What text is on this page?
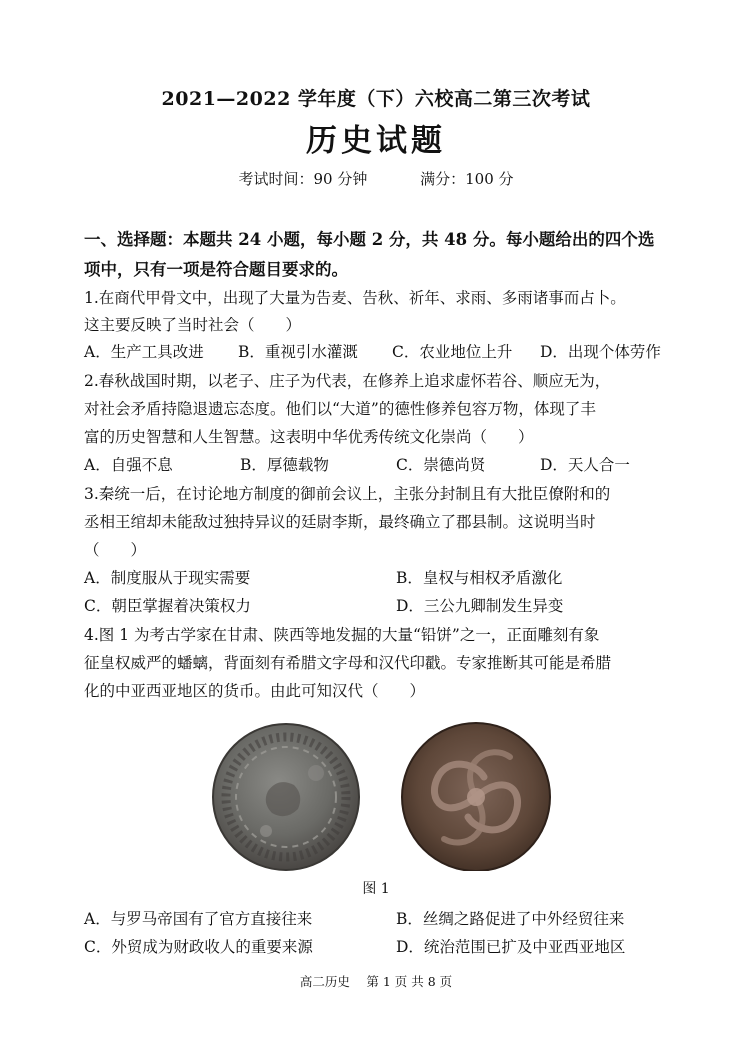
2021—2022 学年度（下）六校高二第三次考试
历史试题
考试时间：90 分钟	满分：100 分
一、选择题：本题共 24 小题，每小题 2 分，共 48 分。每小题给出的四个选
项中，只有一项是符合题目要求的。
1.在商代甲骨文中，出现了大量为告麦、告秋、祈年、求雨、多雨诸事而占卜。
这主要反映了当时社会（　　）
A．生产工具改进 B．重视引水灌溉 C．农业地位上升 D．出现个体劳作
2.春秋战国时期，以老子、庄子为代表，在修养上追求虚怀若谷、顺应无为，
对社会矛盾持隐退遗忘态度。他们以“大道”的德性修养包容万物，体现了丰
富的历史智慧和人生智慧。这表明中华优秀传统文化崇尚（　　）
A．自强不息	B．厚德载物	C．崇德尚贤	D．天人合一
3.秦统一后，在讨论地方制度的御前会议上，主张分封制且有大批臣僚附和的
丞相王绾却未能敌过独持异议的廷尉李斯，最终确立了郡县制。这说明当时
（　　）
A．制度服从于现实需要	B．皇权与相权矛盾激化
C．朝臣掌握着决策权力	D．三公九卿制发生异变
4.图 1 为考古学家在甘肃、陕西等地发掘的大量“铅饼”之一，正面雕刻有象
征皇权威严的蟠螭，背面刻有希腊文字母和汉代印戳。专家推断其可能是希腊
化的中亚西亚地区的货币。由此可知汉代（　　）
图 1
A．与罗马帝国有了官方直接往来	B．丝绸之路促进了中外经贸往来
C．外贸成为财政收人的重要来源	D．统治范围已扩及中亚西亚地区
高二历史　 第 1 页 共 8 页
